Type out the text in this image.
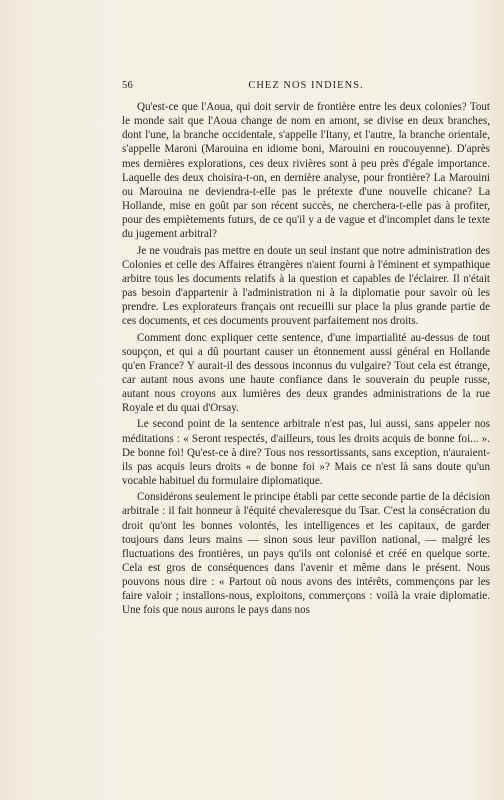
56	CHEZ NOS INDIENS.

Qu'est-ce que l'Aoua, qui doit servir de frontière entre les deux colonies? Tout le monde sait que l'Aoua change de nom en amont, se divise en deux branches, dont l'une, la branche occidentale, s'appelle l'Itany, et l'autre, la branche orientale, s'appelle Maroni (Marouina en idiome boni, Marouini en roucouyenne). D'après mes dernières explorations, ces deux rivières sont à peu près d'égale importance. Laquelle des deux choisira-t-on, en dernière analyse, pour frontière? La Marouini ou Marouina ne deviendra-t-elle pas le prétexte d'une nouvelle chicane? La Hollande, mise en goût par son récent succès, ne cherchera-t-elle pas à profiter, pour des empiètements futurs, de ce qu'il y a de vague et d'incomplet dans le texte du jugement arbitral?

Je ne voudrais pas mettre en doute un seul instant que notre administration des Colonies et celle des Affaires étrangères n'aient fourni à l'éminent et sympathique arbitre tous les documents relatifs à la question et capables de l'éclairer. Il n'était pas besoin d'appartenir à l'administration ni à la diplomatie pour savoir où les prendre. Les explorateurs français ont recueilli sur place la plus grande partie de ces documents, et ces documents prouvent parfaitement nos droits.

Comment donc expliquer cette sentence, d'une impartialité au-dessus de tout soupçon, et qui a dû pourtant causer un étonnement aussi général en Hollande qu'en France? Y aurait-il des dessous inconnus du vulgaire? Tout cela est étrange, car autant nous avons une haute confiance dans le souverain du peuple russe, autant nous croyons aux lumières des deux grandes administrations de la rue Royale et du quai d'Orsay.

Le second point de la sentence arbitrale n'est pas, lui aussi, sans appeler nos méditations : « Seront respectés, d'ailleurs, tous les droits acquis de bonne foi... ». De bonne foi! Qu'est-ce à dire? Tous nos ressortissants, sans exception, n'auraient-ils pas acquis leurs droits « de bonne foi »? Mais ce n'est là sans doute qu'un vocable habituel du formulaire diplomatique.

Considérons seulement le principe établi par cette seconde partie de la décision arbitrale : il fait honneur à l'équité chevaleresque du Tsar. C'est la consécration du droit qu'ont les bonnes volontés, les intelligences et les capitaux, de garder toujours dans leurs mains — sinon sous leur pavillon national, — malgré les fluctuations des frontières, un pays qu'ils ont colonisé et créé en quelque sorte. Cela est gros de conséquences dans l'avenir et même dans le présent. Nous pouvons nous dire : « Partout où nous avons des intérêts, commençons par les faire valoir ; installons-nous, exploitons, commerçons : voilà la vraie diplomatie. Une fois que nous aurons le pays dans nos
